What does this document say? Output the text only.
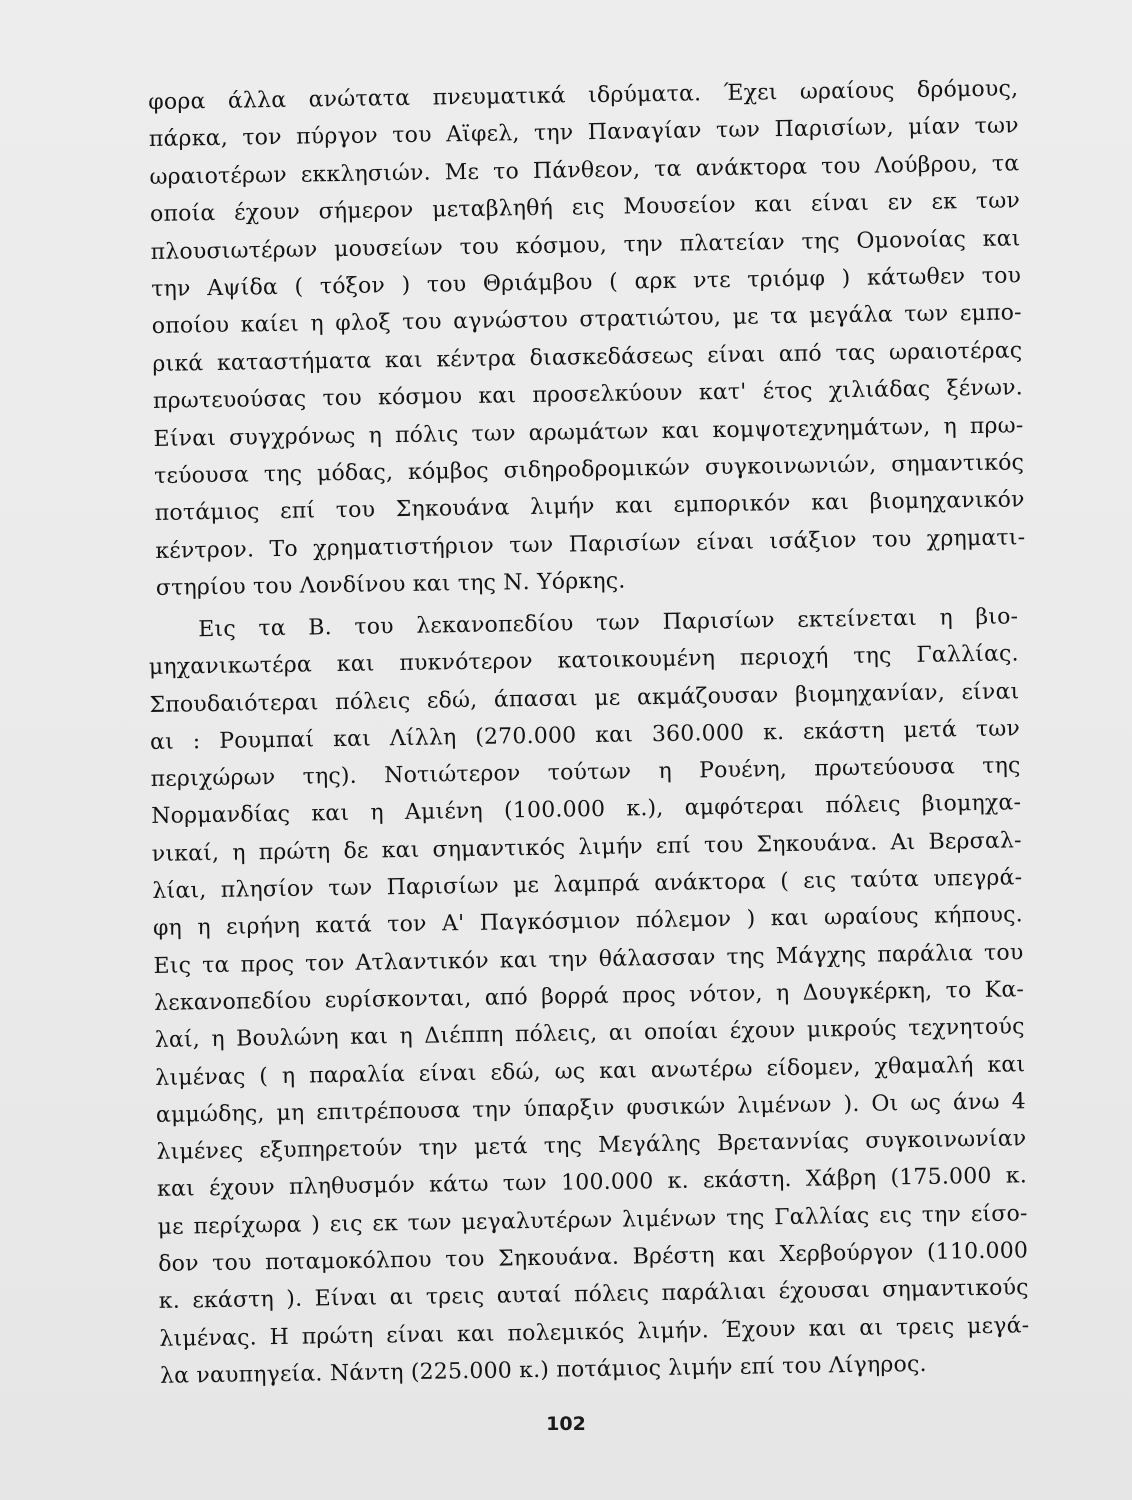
φορα άλλα ανώτατα πνευματικά ιδρύματα. Έχει ωραίους δρόμους,
πάρκα, τον πύργον του Αϊφελ, την Παναγίαν των Παρισίων, μίαν των
ωραιοτέρων εκκλησιών. Με το Πάνθεον, τα ανάκτορα του Λούβρου, τα
οποία έχουν σήμερον μεταβληθή εις Μουσείον και είναι εν εκ των
πλουσιωτέρων μουσείων του κόσμου, την πλατείαν της Ομονοίας και
την Αψίδα ( τόξον ) του Θριάμβου ( αρκ ντε τριόμφ ) κάτωθεν του
οποίου καίει η φλοξ του αγνώστου στρατιώτου, με τα μεγάλα των εμπο-
ρικά καταστήματα και κέντρα διασκεδάσεως είναι από τας ωραιοτέρας
πρωτευούσας του κόσμου και προσελκύουν κατ' έτος χιλιάδας ξένων.
Είναι συγχρόνως η πόλις των αρωμάτων και κομψοτεχνημάτων, η πρω-
τεύουσα της μόδας, κόμβος σιδηροδρομικών συγκοινωνιών, σημαντικός
ποτάμιος επί του Σηκουάνα λιμήν και εμπορικόν και βιομηχανικόν
κέντρον. Το χρηματιστήριον των Παρισίων είναι ισάξιον του χρηματι-
στηρίου του Λονδίνου και της Ν. Υόρκης.
Εις τα Β. του λεκανοπεδίου των Παρισίων εκτείνεται η βιο-
μηχανικωτέρα και πυκνότερον κατοικουμένη περιοχή της Γαλλίας.
Σπουδαιότεραι πόλεις εδώ, άπασαι με ακμάζουσαν βιομηχανίαν, είναι
αι : Ρουμπαί και Λίλλη (270.000 και 360.000 κ. εκάστη μετά των
περιχώρων της). Νοτιώτερον τούτων η Ρουένη, πρωτεύουσα της
Νορμανδίας και η Αμιένη (100.000 κ.), αμφότεραι πόλεις βιομηχα-
νικαί, η πρώτη δε και σημαντικός λιμήν επί του Σηκουάνα. Αι Βερσαλ-
λίαι, πλησίον των Παρισίων με λαμπρά ανάκτορα ( εις ταύτα υπεγρά-
φη η ειρήνη κατά τον Α' Παγκόσμιον πόλεμον ) και ωραίους κήπους.
Εις τα προς τον Ατλαντικόν και την θάλασσαν της Μάγχης παράλια του
λεκανοπεδίου ευρίσκονται, από βορρά προς νότον, η Δουγκέρκη, το Κα-
λαί, η Βουλώνη και η Διέππη πόλεις, αι οποίαι έχουν μικρούς τεχνητούς
λιμένας ( η παραλία είναι εδώ, ως και ανωτέρω είδομεν, χθαμαλή και
αμμώδης, μη επιτρέπουσα την ύπαρξιν φυσικών λιμένων ). Οι ως άνω 4
λιμένες εξυπηρετούν την μετά της Μεγάλης Βρεταννίας συγκοινωνίαν
και έχουν πληθυσμόν κάτω των 100.000 κ. εκάστη. Χάβρη (175.000 κ.
με περίχωρα ) εις εκ των μεγαλυτέρων λιμένων της Γαλλίας εις την είσο-
δον του ποταμοκόλπου του Σηκουάνα. Βρέστη και Χερβούργον (110.000
κ. εκάστη ). Είναι αι τρεις αυταί πόλεις παράλιαι έχουσαι σημαντικούς
λιμένας. Η πρώτη είναι και πολεμικός λιμήν. Έχουν και αι τρεις μεγά-
λα ναυπηγεία. Νάντη (225.000 κ.) ποτάμιος λιμήν επί του Λίγηρος.
102
